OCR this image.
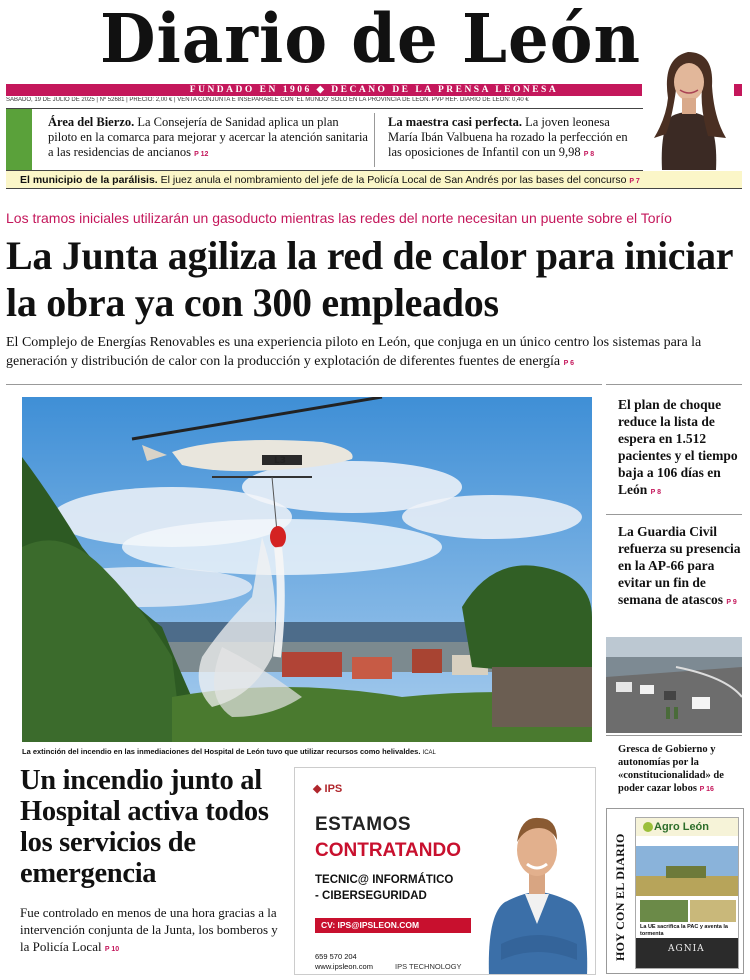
Diario de León
FUNDADO EN 1906 ◆ DECANO DE LA PRENSA LEONESA
SÁBADO, 19 DE JULIO DE 2025 | Nº 52681 | PRECIO: 2,00 € | VENTA CONJUNTA E INSEPARABLE CON 'EL MUNDO' SÓLO EN LA PROVINCIA DE LEÓN. PVP REF. DIARIO DE LEÓN: 0,40 €

Área del Bierzo. La Consejería de Sanidad aplica un plan piloto en la comarca para mejorar y acercar la atención sanitaria a las residencias de ancianos P 12

La maestra casi perfecta. La joven leonesa María Ibán Valbuena ha rozado la perfección en las oposiciones de Infantil con un 9,98 P 8

El municipio de la parálisis. El juez anula el nombramiento del jefe de la Policía Local de San Andrés por las bases del concurso P 7
Los tramos iniciales utilizarán un gasoducto mientras las redes del norte necesitan un puente sobre el Torío
La Junta agiliza la red de calor para iniciar la obra ya con 300 empleados

El Complejo de Energías Renovables es una experiencia piloto en León, que conjuga en un único centro los sistemas para la generación y distribución de calor con la producción y explotación de diferentes fuentes de energía P 6

L3
La extinción del incendio en las inmediaciones del Hospital de León tuvo que utilizar recursos como helivaldes. ICAL

El plan de choque reduce la lista de espera en 1.512 pacientes y el tiempo baja a 106 días en León P 8

La Guardia Civil refuerza su presencia en la AP-66 para evitar un fin de semana de atascos P 9

Gresca de Gobierno y autonomías por la «constitucionalidad» de poder cazar lobos P 16

Un incendio junto al Hospital activa todos los servicios de emergencia

Fue controlado en menos de una hora gracias a la intervención conjunta de la Junta, los bomberos y la Policía Local P 10

◆ IPS
ESTAMOS
CONTRATANDO
TECNIC@ INFORMÁTICO
- CIBERSEGURIDAD
CV: IPS@IPSLEON.COM
659 570 204
www.ipsleon.com	IPS TECHNOLOGY
HOY CON EL DIARIO
Agro León
La UE sacrifica la PAC y aventa la tormenta
AGNIA
